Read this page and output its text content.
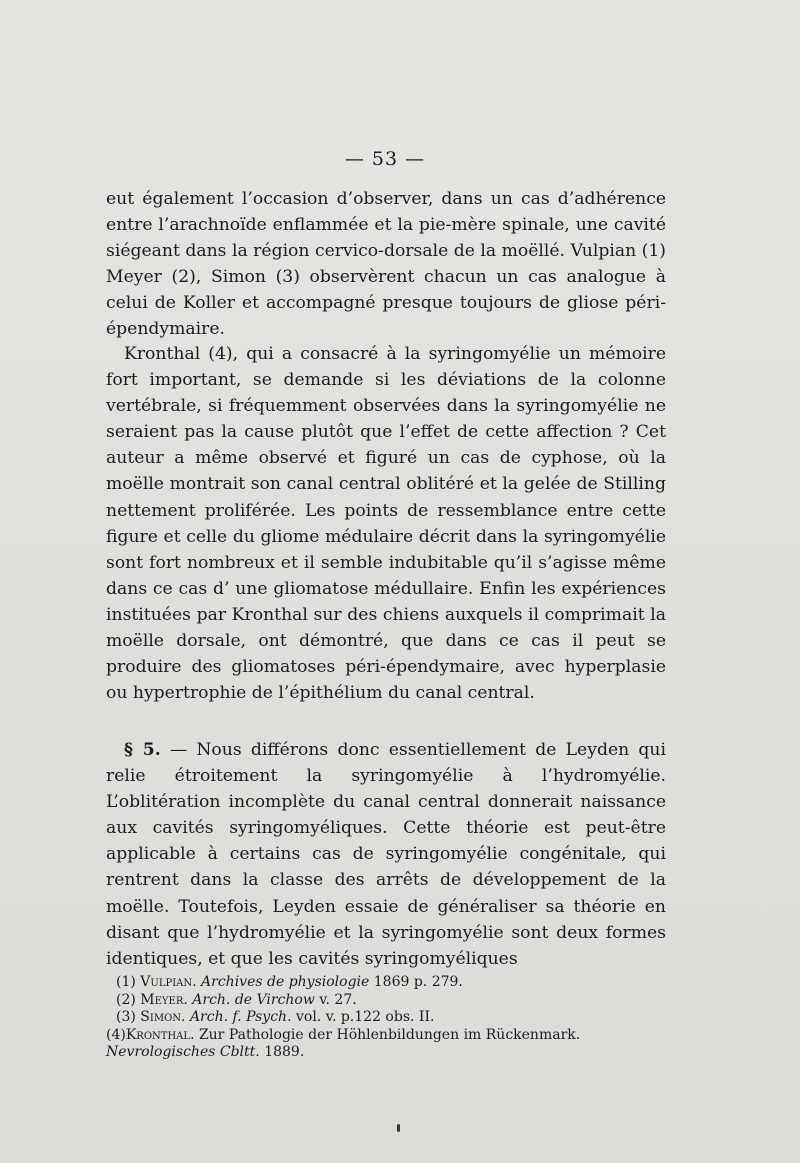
— 53 —

eut également l’occasion d’observer, dans un cas d’adhérence entre l’arachnoïde enflammée et la pie-mère spinale, une cavité siégeant dans la région cervico-dorsale de la moëllé. Vulpian (1) Meyer (2), Simon (3) observèrent chacun un cas analogue à celui de Koller et accompagné presque toujours de gliose péri-épendymaire.

Kronthal (4), qui a consacré à la syringomyélie un mémoire fort important, se demande si les déviations de la colonne vertébrale, si fréquemment observées dans la syringomyélie ne seraient pas la cause plutôt que l’effet de cette affection ? Cet auteur a même observé et figuré un cas de cyphose, où la moëlle montrait son canal central oblitéré et la gelée de Stilling nettement proliférée. Les points de ressemblance entre cette figure et celle du gliome médulaire décrit dans la syringomyélie sont fort nombreux et il semble indubitable qu’il s’agisse même dans ce cas d’ une gliomatose médullaire. Enfin les expériences instituées par Kronthal sur des chiens auxquels il comprimait la moëlle dorsale, ont démontré, que dans ce cas il peut se produire des gliomatoses péri-épendymaire, avec hyperplasie ou hypertrophie de l’épithélium du canal central.

§ 5. — Nous différons donc essentiellement de Leyden qui relie étroitement la syringomyélie à l’hydromyélie. L’oblitération incomplète du canal central donnerait naissance aux cavités syringomyéliques. Cette théorie est peut-être applicable à certains cas de syringomyélie congénitale, qui rentrent dans la classe des arrêts de développement de la moëlle. Toutefois, Leyden essaie de généraliser sa théorie en disant que l’hydromyélie et la syringomyélie sont deux formes identiques, et que les cavités syringomyéliques

(1) Vulpian. Archives de physiologie 1869 p. 279.

(2) Meyer. Arch. de Virchow v. 27.

(3) Simon. Arch. f. Psych. vol. v. p.122 obs. II.

(4)Kronthal. Zur Pathologie der Höhlenbildungen im Rückenmark. Nevrologisches Cbltt. 1889.
